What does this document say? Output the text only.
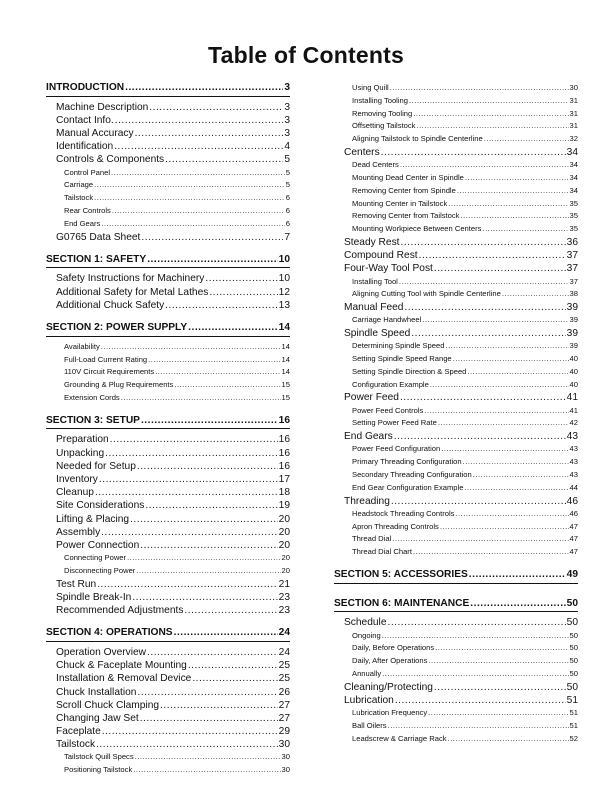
Table of Contents
INTRODUCTION .....	3
Machine Description .....	3
Contact Info. .....	3
Manual Accuracy .....	3
Identification .....	4
Controls & Components .....	5
Control Panel .....	5
Carriage .....	5
Tailstock .....	6
Rear Controls .....	6
End Gears .....	6
G0765 Data Sheet .....	7
SECTION 1: SAFETY .....	10
Safety Instructions for Machinery .....	10
Additional Safety for Metal Lathes .....	12
Additional Chuck Safety .....	13
SECTION 2: POWER SUPPLY .....	14
Availability .....	14
Full-Load Current Rating .....	14
110V Circuit Requirements .....	14
Grounding & Plug Requirements .....	15
Extension Cords .....	15
SECTION 3: SETUP .....	16
Preparation .....	16
Unpacking .....	16
Needed for Setup .....	16
Inventory .....	17
Cleanup .....	18
Site Considerations .....	19
Lifting & Placing .....	20
Assembly .....	20
Power Connection .....	20
Connecting Power .....	20
Disconnecting Power .....	20
Test Run .....	21
Spindle Break-In .....	23
Recommended Adjustments .....	23
SECTION 4: OPERATIONS .....	24
Operation Overview .....	24
Chuck & Faceplate Mounting .....	25
Installation & Removal Device .....	25
Chuck Installation .....	26
Scroll Chuck Clamping .....	27
Changing Jaw Set .....	27
Faceplate .....	29
Tailstock .....	30
Tailstock Quill Specs .....	30
Positioning Tailstock .....	30
Using Quill .....	30
Installing Tooling .....	31
Removing Tooling .....	31
Offsetting Tailstock .....	31
Aligning Tailstock to Spindle Centerline .....	32
Centers .....	34
Dead Centers .....	34
Mounting Dead Center in Spindle .....	34
Removing Center from Spindle .....	34
Mounting Center in Tailstock .....	35
Removing Center from Tailstock .....	35
Mounting Workpiece Between Centers .....	35
Steady Rest .....	36
Compound Rest .....	37
Four-Way Tool Post .....	37
Installing Tool .....	37
Aligning Cutting Tool with Spindle Centerline .....	38
Manual Feed .....	39
Carriage Handwheel .....	39
Spindle Speed .....	39
Determining Spindle Speed .....	39
Setting Spindle Speed Range .....	40
Setting Spindle Direction & Speed .....	40
Configuration Example .....	40
Power Feed .....	41
Power Feed Controls .....	41
Setting Power Feed Rate .....	42
End Gears .....	43
Power Feed Configuration .....	43
Primary Threading Configuration .....	43
Secondary Threading Configuration .....	43
End Gear Configuration Example .....	44
Threading .....	46
Headstock Threading Controls .....	46
Apron Threading Controls .....	47
Thread Dial .....	47
Thread Dial Chart .....	47
SECTION 5: ACCESSORIES .....	49
SECTION 6: MAINTENANCE .....	50
Schedule .....	50
Ongoing .....	50
Daily, Before Operations .....	50
Daily, After Operations .....	50
Annually .....	50
Cleaning/Protecting .....	50
Lubrication .....	51
Lubrication Frequency .....	51
Ball Oilers .....	51
Leadscrew & Carriage Rack .....	52
